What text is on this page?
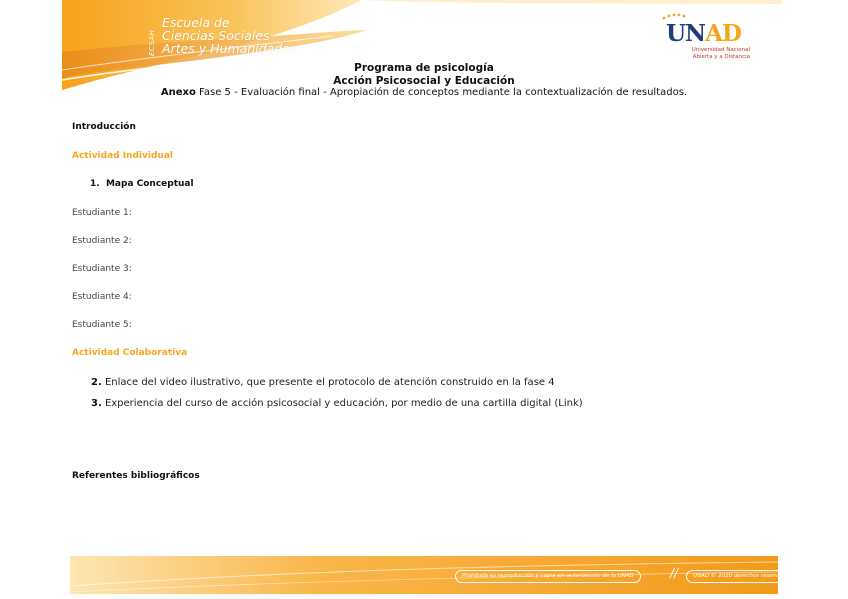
ECSAH
Escuela de
Ciencias Sociales
Artes y Humanidades
UNAD
Universidad Nacional
Abierta y a Distancia
Programa de psicología
Acción Psicosocial y Educación
Anexo Fase 5 - Evaluación final - Apropiación de conceptos mediante la contextualización de resultados.
Introducción
Actividad Individual
1. Mapa Conceptual
Estudiante 1:
Estudiante 2:
Estudiante 3:
Estudiante 4:
Estudiante 5:
Actividad Colaborativa
2. Enlace del video ilustrativo, que presente el protocolo de atención construido en la fase 4
3. Experiencia del curso de acción psicosocial y educación, por medio de una cartilla digital (Link)
Referentes bibliográficos
Prohibida su reproducción y copia sin autorización de la UNAD	//	UNAD © 2020 derechos reservados
